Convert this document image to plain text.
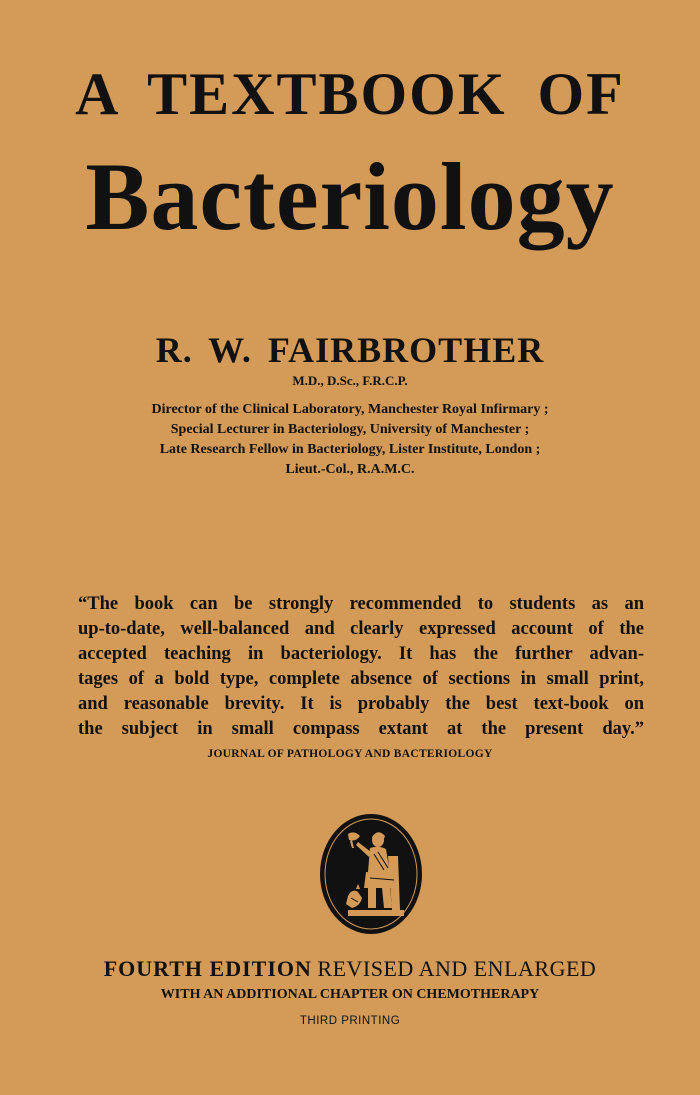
A TEXTBOOK OF
Bacteriology
R. W. FAIRBROTHER
M.D., D.Sc., F.R.C.P.
Director of the Clinical Laboratory, Manchester Royal Infirmary ;
Special Lecturer in Bacteriology, University of Manchester ;
Late Research Fellow in Bacteriology, Lister Institute, London ;
Lieut.-Col., R.A.M.C.
“The book can be strongly recommended to students as an
up-to-date, well-balanced and clearly expressed account of the
accepted teaching in bacteriology. It has the further advan-
tages of a bold type, complete absence of sections in small print,
and reasonable brevity. It is probably the best text-book on
the subject in small compass extant at the present day.”
JOURNAL OF PATHOLOGY AND BACTERIOLOGY
FOURTH EDITION REVISED AND ENLARGED
WITH AN ADDITIONAL CHAPTER ON CHEMOTHERAPY
THIRD PRINTING
